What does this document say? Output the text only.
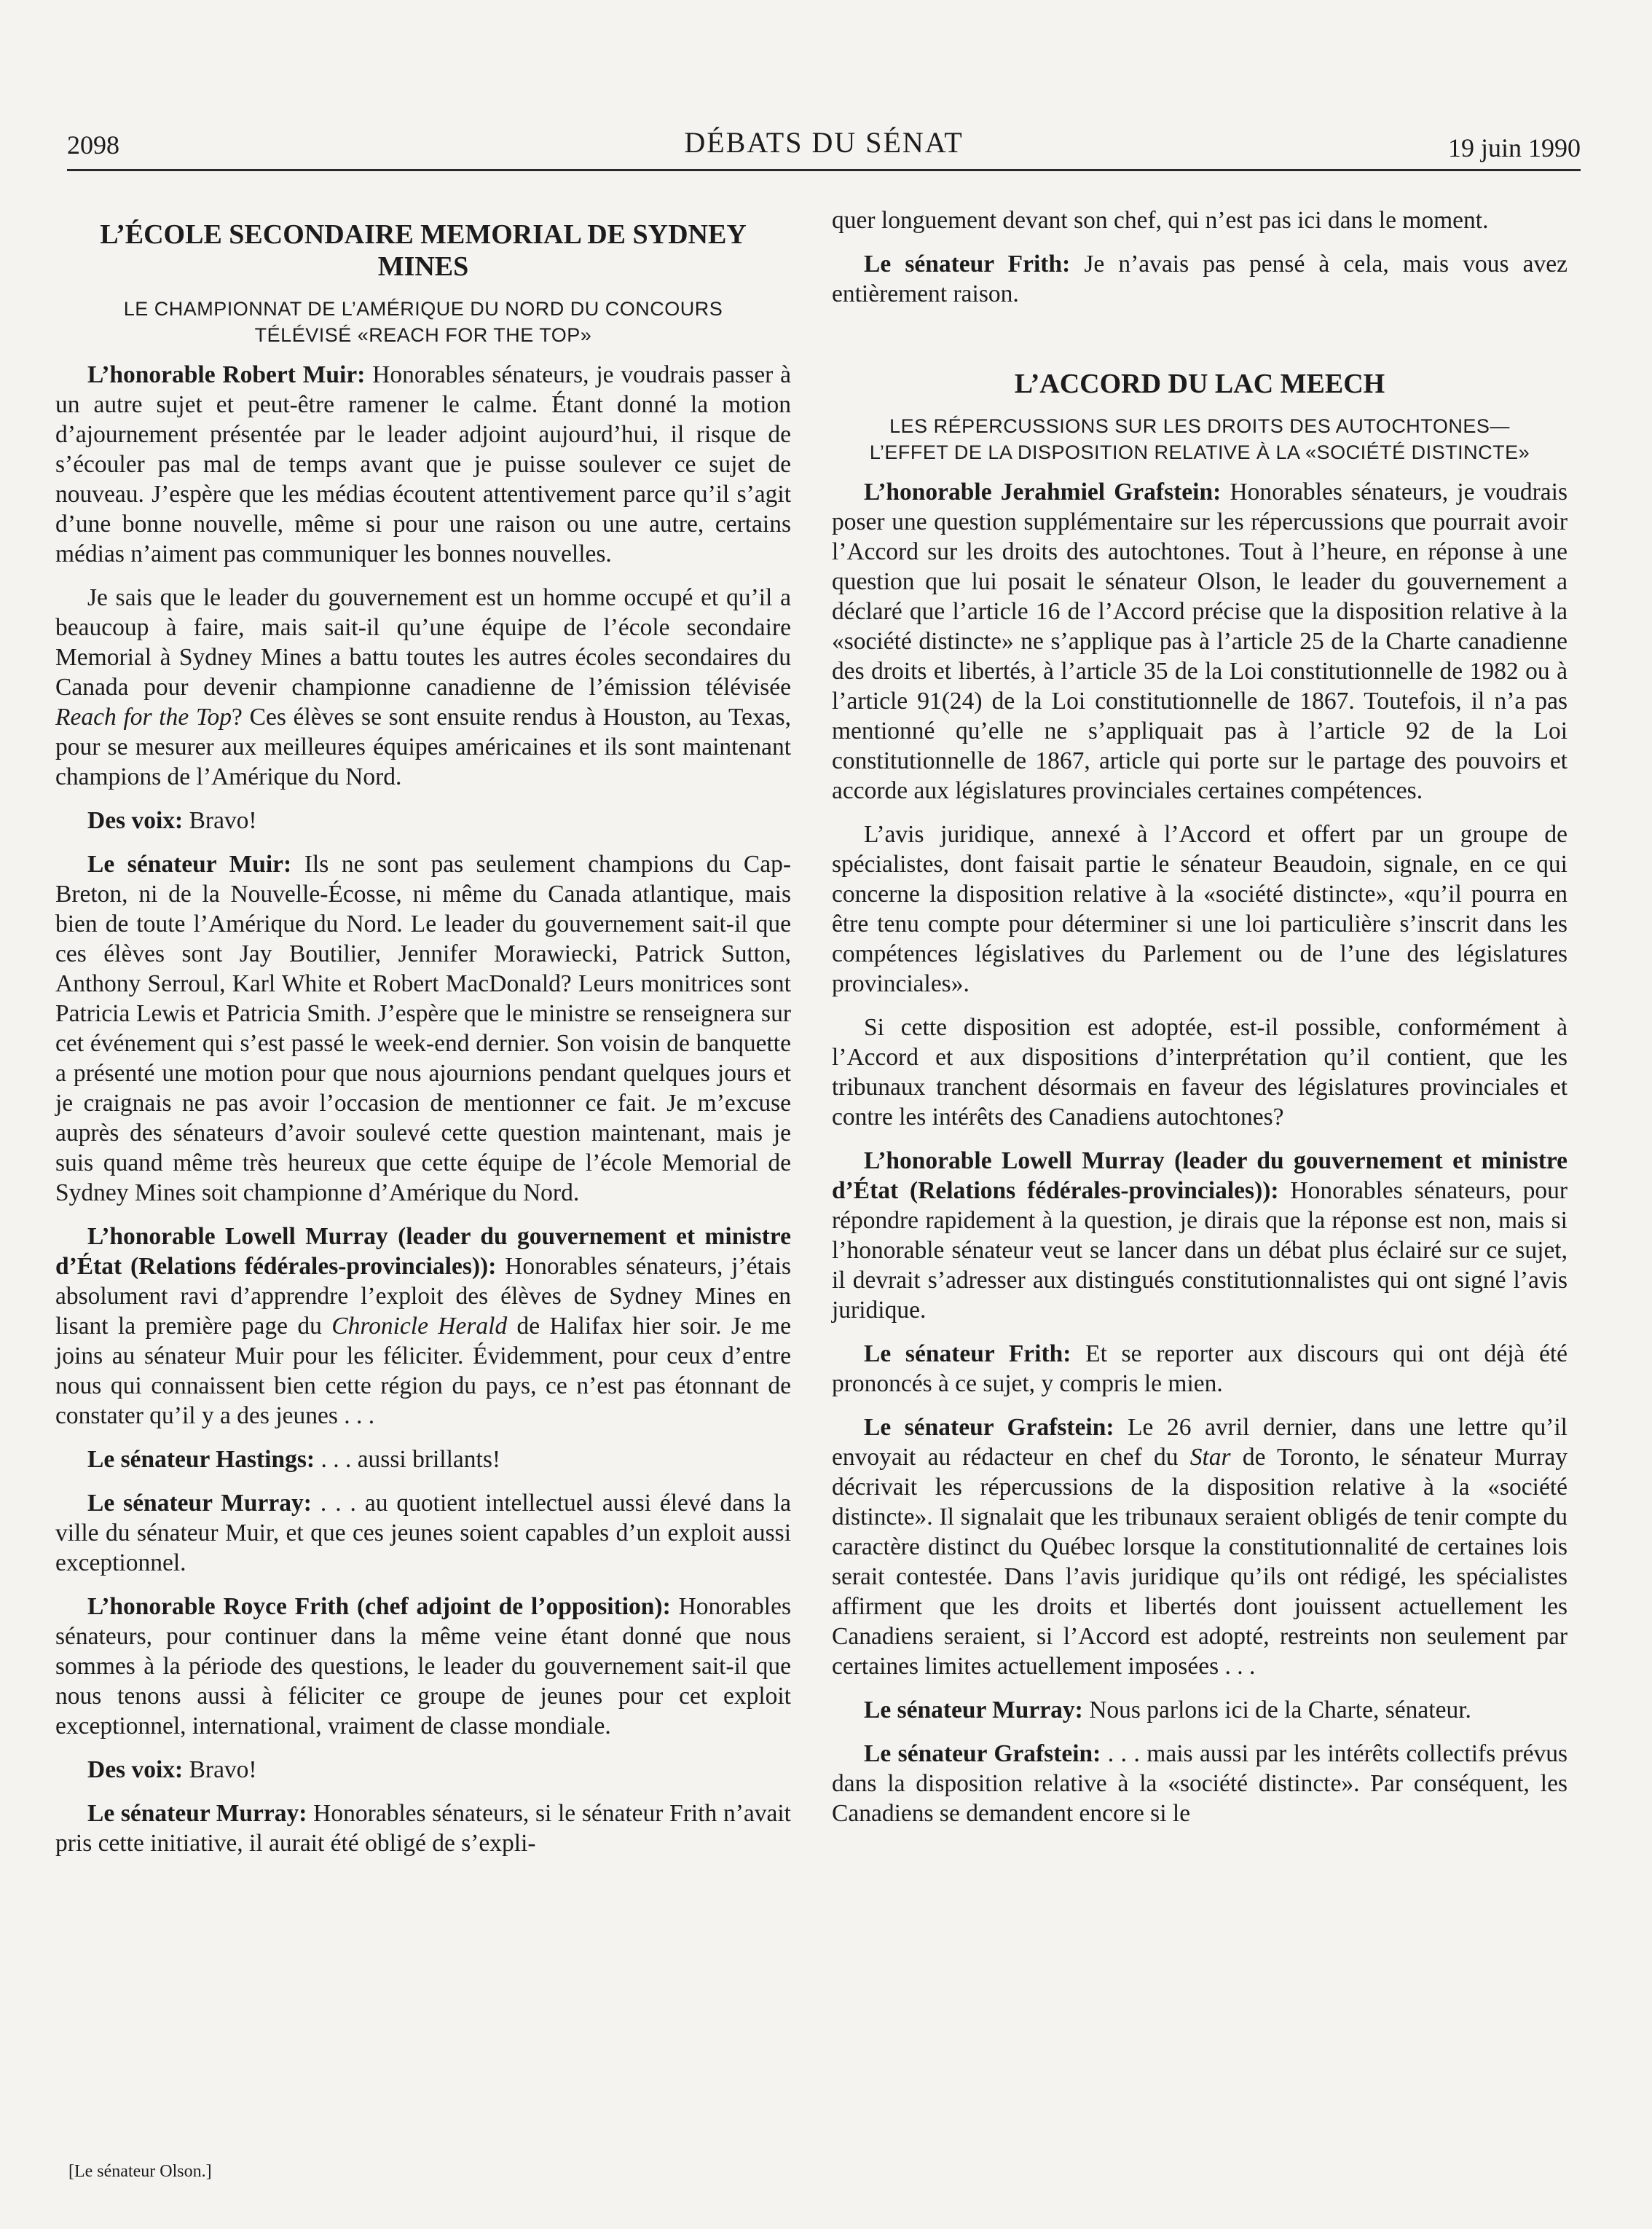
2098	DÉBATS DU SÉNAT	19 juin 1990
L’ÉCOLE SECONDAIRE MEMORIAL DE SYDNEY MINES
LE CHAMPIONNAT DE L’AMÉRIQUE DU NORD DU CONCOURS TÉLÉVISÉ «REACH FOR THE TOP»

L’honorable Robert Muir: Honorables sénateurs, je voudrais passer à un autre sujet et peut-être ramener le calme. Étant donné la motion d’ajournement présentée par le leader adjoint aujourd’hui, il risque de s’écouler pas mal de temps avant que je puisse soulever ce sujet de nouveau. J’espère que les médias écoutent attentivement parce qu’il s’agit d’une bonne nouvelle, même si pour une raison ou une autre, certains médias n’aiment pas communiquer les bonnes nouvelles.

Je sais que le leader du gouvernement est un homme occupé et qu’il a beaucoup à faire, mais sait-il qu’une équipe de l’école secondaire Memorial à Sydney Mines a battu toutes les autres écoles secondaires du Canada pour devenir championne canadienne de l’émission télévisée Reach for the Top? Ces élèves se sont ensuite rendus à Houston, au Texas, pour se mesurer aux meilleures équipes américaines et ils sont maintenant champions de l’Amérique du Nord.

Des voix: Bravo!

Le sénateur Muir: Ils ne sont pas seulement champions du Cap-Breton, ni de la Nouvelle-Écosse, ni même du Canada atlantique, mais bien de toute l’Amérique du Nord. Le leader du gouvernement sait-il que ces élèves sont Jay Boutilier, Jennifer Morawiecki, Patrick Sutton, Anthony Serroul, Karl White et Robert MacDonald? Leurs monitrices sont Patricia Lewis et Patricia Smith. J’espère que le ministre se renseignera sur cet événement qui s’est passé le week-end dernier. Son voisin de banquette a présenté une motion pour que nous ajournions pendant quelques jours et je craignais ne pas avoir l’occasion de mentionner ce fait. Je m’excuse auprès des sénateurs d’avoir soulevé cette question maintenant, mais je suis quand même très heureux que cette équipe de l’école Memorial de Sydney Mines soit championne d’Amérique du Nord.

L’honorable Lowell Murray (leader du gouvernement et ministre d’État (Relations fédérales-provinciales)): Honorables sénateurs, j’étais absolument ravi d’apprendre l’exploit des élèves de Sydney Mines en lisant la première page du Chronicle Herald de Halifax hier soir. Je me joins au sénateur Muir pour les féliciter. Évidemment, pour ceux d’entre nous qui connaissent bien cette région du pays, ce n’est pas étonnant de constater qu’il y a des jeunes . . .

Le sénateur Hastings: . . . aussi brillants!

Le sénateur Murray: . . . au quotient intellectuel aussi élevé dans la ville du sénateur Muir, et que ces jeunes soient capables d’un exploit aussi exceptionnel.

L’honorable Royce Frith (chef adjoint de l’opposition): Honorables sénateurs, pour continuer dans la même veine étant donné que nous sommes à la période des questions, le leader du gouvernement sait-il que nous tenons aussi à féliciter ce groupe de jeunes pour cet exploit exceptionnel, international, vraiment de classe mondiale.

Des voix: Bravo!

Le sénateur Murray: Honorables sénateurs, si le sénateur Frith n’avait pris cette initiative, il aurait été obligé de s’expli-

[Le sénateur Olson.]

quer longuement devant son chef, qui n’est pas ici dans le moment.

Le sénateur Frith: Je n’avais pas pensé à cela, mais vous avez entièrement raison.

L’ACCORD DU LAC MEECH
LES RÉPERCUSSIONS SUR LES DROITS DES AUTOCHTONES— L’EFFET DE LA DISPOSITION RELATIVE À LA «SOCIÉTÉ DISTINCTE»

L’honorable Jerahmiel Grafstein: Honorables sénateurs, je voudrais poser une question supplémentaire sur les répercussions que pourrait avoir l’Accord sur les droits des autochtones. Tout à l’heure, en réponse à une question que lui posait le sénateur Olson, le leader du gouvernement a déclaré que l’article 16 de l’Accord précise que la disposition relative à la «société distincte» ne s’applique pas à l’article 25 de la Charte canadienne des droits et libertés, à l’article 35 de la Loi constitutionnelle de 1982 ou à l’article 91(24) de la Loi constitutionnelle de 1867. Toutefois, il n’a pas mentionné qu’elle ne s’appliquait pas à l’article 92 de la Loi constitutionnelle de 1867, article qui porte sur le partage des pouvoirs et accorde aux législatures provinciales certaines compétences.

L’avis juridique, annexé à l’Accord et offert par un groupe de spécialistes, dont faisait partie le sénateur Beaudoin, signale, en ce qui concerne la disposition relative à la «société distincte», «qu’il pourra en être tenu compte pour déterminer si une loi particulière s’inscrit dans les compétences législatives du Parlement ou de l’une des législatures provinciales».

Si cette disposition est adoptée, est-il possible, conformément à l’Accord et aux dispositions d’interprétation qu’il contient, que les tribunaux tranchent désormais en faveur des législatures provinciales et contre les intérêts des Canadiens autochtones?

L’honorable Lowell Murray (leader du gouvernement et ministre d’État (Relations fédérales-provinciales)): Honorables sénateurs, pour répondre rapidement à la question, je dirais que la réponse est non, mais si l’honorable sénateur veut se lancer dans un débat plus éclairé sur ce sujet, il devrait s’adresser aux distingués constitutionnalistes qui ont signé l’avis juridique.

Le sénateur Frith: Et se reporter aux discours qui ont déjà été prononcés à ce sujet, y compris le mien.

Le sénateur Grafstein: Le 26 avril dernier, dans une lettre qu’il envoyait au rédacteur en chef du Star de Toronto, le sénateur Murray décrivait les répercussions de la disposition relative à la «société distincte». Il signalait que les tribunaux seraient obligés de tenir compte du caractère distinct du Québec lorsque la constitutionnalité de certaines lois serait contestée. Dans l’avis juridique qu’ils ont rédigé, les spécialistes affirment que les droits et libertés dont jouissent actuellement les Canadiens seraient, si l’Accord est adopté, restreints non seulement par certaines limites actuellement imposées . . .

Le sénateur Murray: Nous parlons ici de la Charte, sénateur.

Le sénateur Grafstein: . . . mais aussi par les intérêts collectifs prévus dans la disposition relative à la «société distincte». Par conséquent, les Canadiens se demandent encore si le
